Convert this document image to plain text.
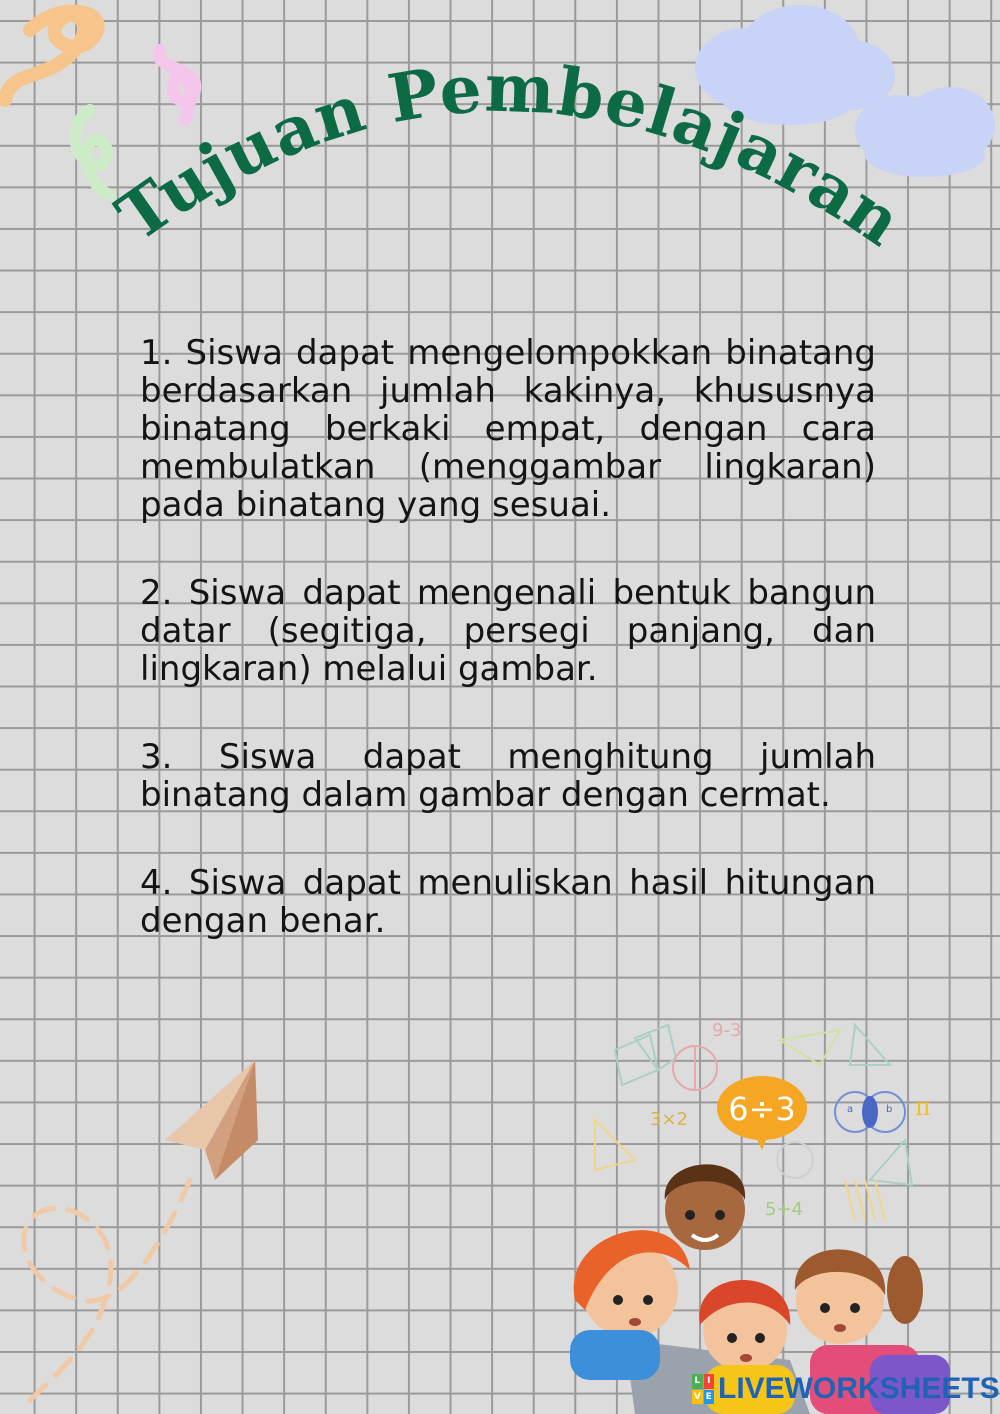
Tujuan Pembelajaran

1. Siswa dapat mengelompokkan binatang berdasarkan jumlah kakinya, khususnya binatang berkaki empat, dengan cara membulatkan (menggambar lingkaran) pada binatang yang sesuai.

2. Siswa dapat mengenali bentuk bangun datar (segitiga, persegi panjang, dan lingkaran) melalui gambar.

3. Siswa dapat menghitung jumlah binatang dalam gambar dengan cermat.

4. Siswa dapat menuliskan hasil hitungan dengan benar.

9-3
3×2
5+4
π
a	b
6÷3
L I
V E LIVEWORKSHEETS
